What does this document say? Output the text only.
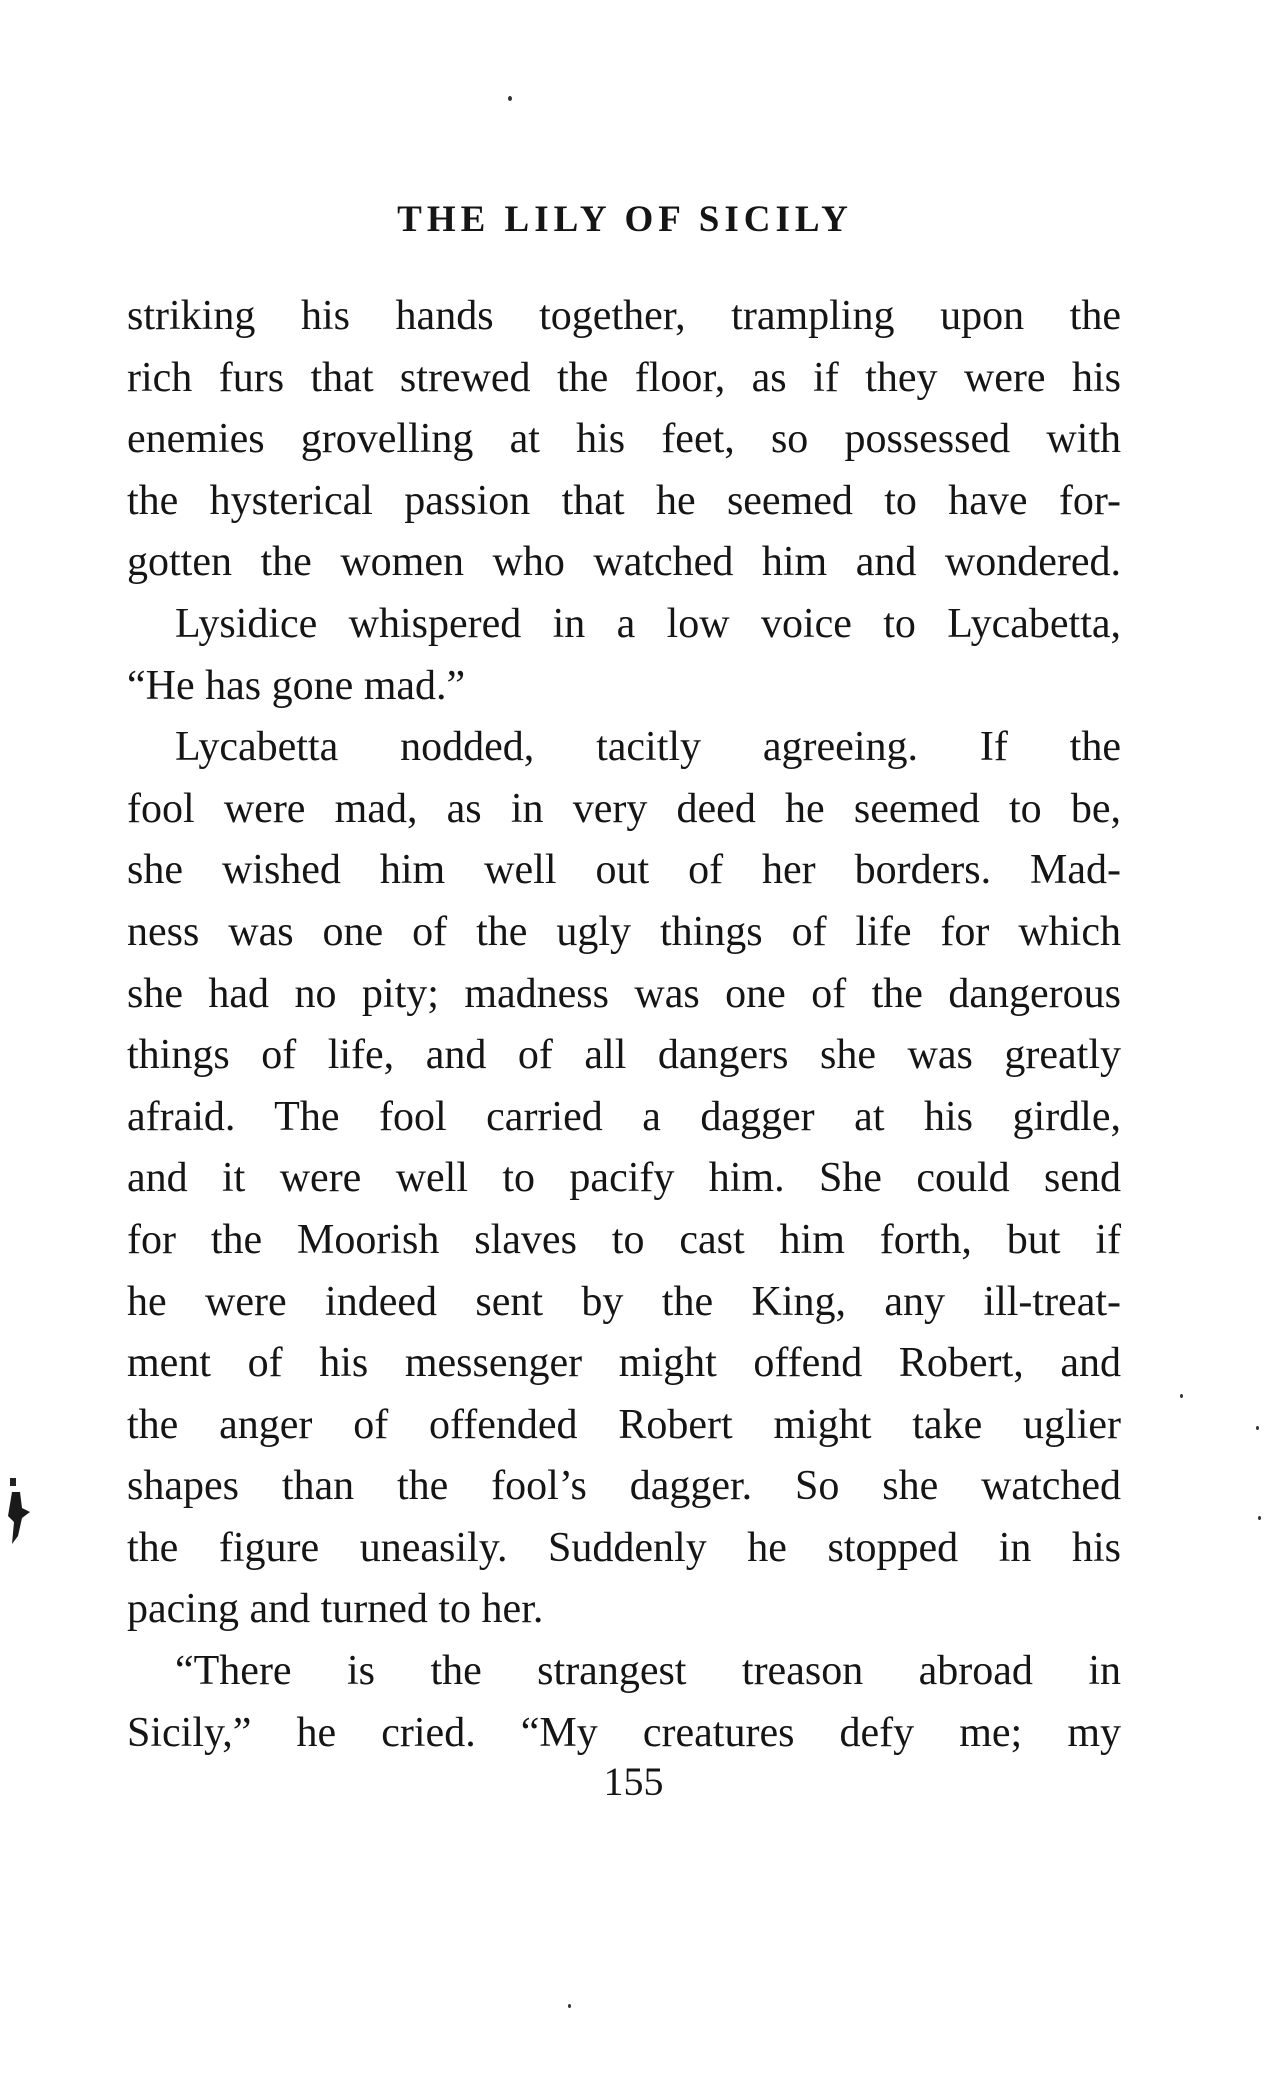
THE LILY OF SICILY
striking his hands together, trampling upon the
rich furs that strewed the floor, as if they were his
enemies grovelling at his feet, so possessed with
the hysterical passion that he seemed to have for-
gotten the women who watched him and wondered.
Lysidice whispered in a low voice to Lycabetta,
“He has gone mad.”
Lycabetta nodded, tacitly agreeing. If the
fool were mad, as in very deed he seemed to be,
she wished him well out of her borders. Mad-
ness was one of the ugly things of life for which
she had no pity; madness was one of the dangerous
things of life, and of all dangers she was greatly
afraid. The fool carried a dagger at his girdle,
and it were well to pacify him. She could send
for the Moorish slaves to cast him forth, but if
he were indeed sent by the King, any ill-treat-
ment of his messenger might offend Robert, and
the anger of offended Robert might take uglier
shapes than the fool’s dagger. So she watched
the figure uneasily. Suddenly he stopped in his
pacing and turned to her.
“There is the strangest treason abroad in
Sicily,” he cried. “My creatures defy me; my
155
